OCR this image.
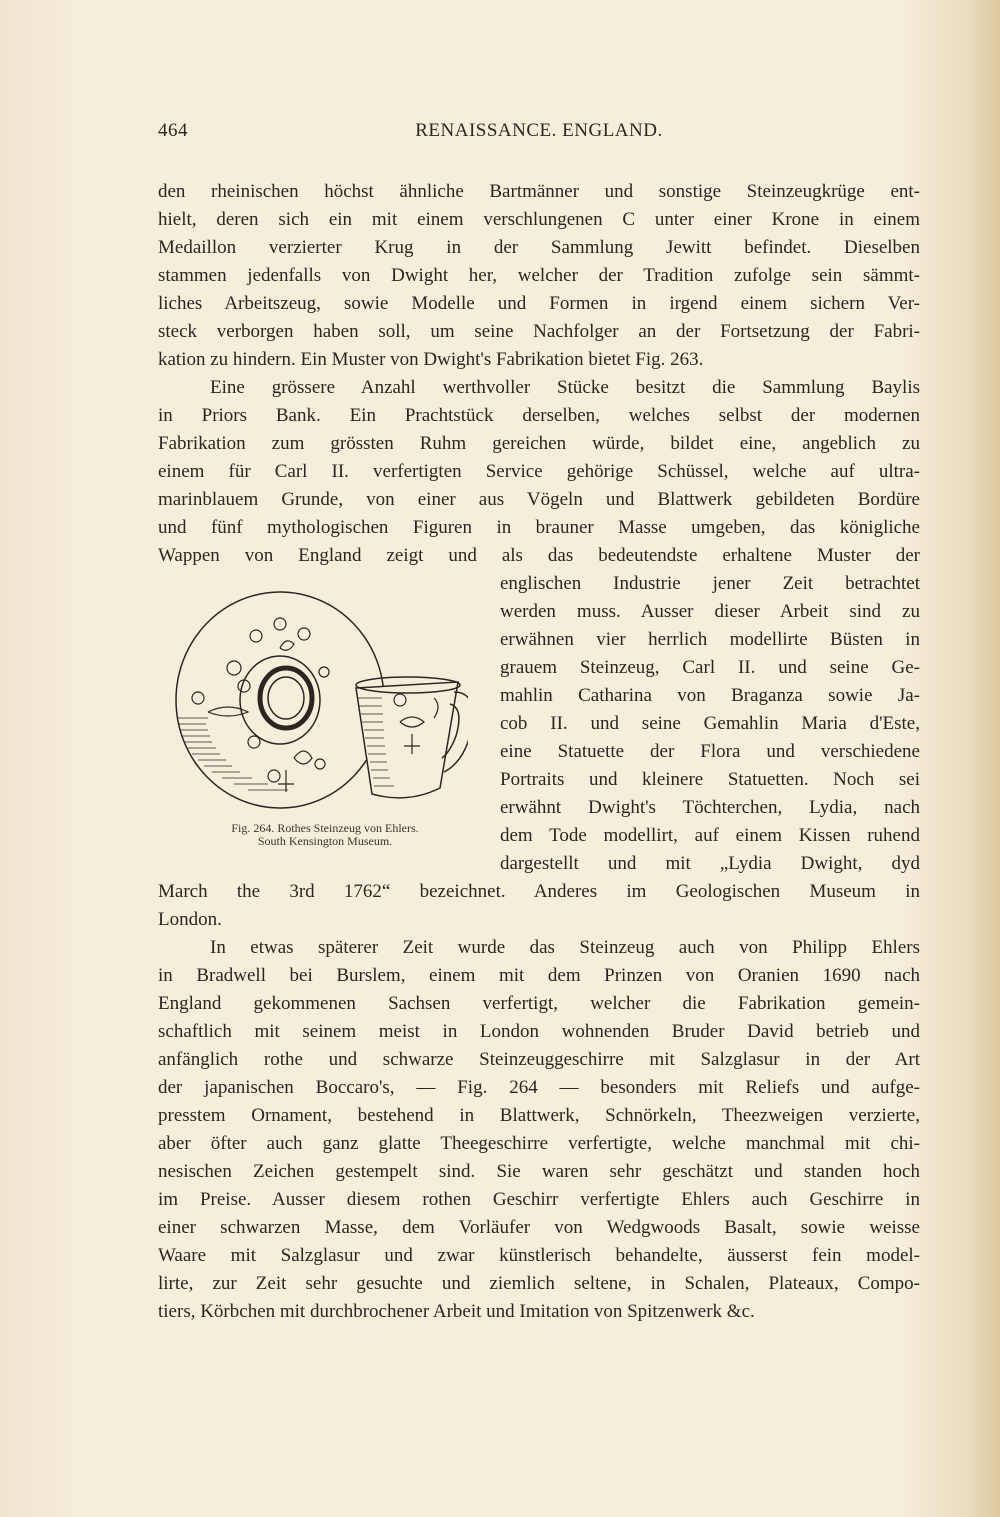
464	RENAISSANCE. ENGLAND.
den rheinischen höchst ähnliche Bartmänner und sonstige Steinzeugkrüge ent-
hielt, deren sich ein mit einem verschlungenen C unter einer Krone in einem
Medaillon verzierter Krug in der Sammlung Jewitt befindet. Dieselben
stammen jedenfalls von Dwight her, welcher der Tradition zufolge sein sämmt-
liches Arbeitszeug, sowie Modelle und Formen in irgend einem sichern Ver-
steck verborgen haben soll, um seine Nachfolger an der Fortsetzung der Fabri-
kation zu hindern. Ein Muster von Dwight's Fabrikation bietet Fig. 263.
Eine grössere Anzahl werthvoller Stücke besitzt die Sammlung Baylis
in Priors Bank. Ein Prachtstück derselben, welches selbst der modernen
Fabrikation zum grössten Ruhm gereichen würde, bildet eine, angeblich zu
einem für Carl II. verfertigten Service gehörige Schüssel, welche auf ultra-
marinblauem Grunde, von einer aus Vögeln und Blattwerk gebildeten Bordüre
und fünf mythologischen Figuren in brauner Masse umgeben, das königliche
Wappen von England zeigt und als das bedeutendste erhaltene Muster der
englischen Industrie jener Zeit betrachtet
werden muss. Ausser dieser Arbeit sind zu
erwähnen vier herrlich modellirte Büsten in
grauem Steinzeug, Carl II. und seine Ge-
mahlin Catharina von Braganza sowie Ja-
cob II. und seine Gemahlin Maria d'Este,
eine Statuette der Flora und verschiedene
Portraits und kleinere Statuetten. Noch sei
erwähnt Dwight's Töchterchen, Lydia, nach
dem Tode modellirt, auf einem Kissen ruhend
dargestellt und mit „Lydia Dwight, dyd
March the 3rd 1762“ bezeichnet. Anderes im Geologischen Museum in
London.
In etwas späterer Zeit wurde das Steinzeug auch von Philipp Ehlers
in Bradwell bei Burslem, einem mit dem Prinzen von Oranien 1690 nach
England gekommenen Sachsen verfertigt, welcher die Fabrikation gemein-
schaftlich mit seinem meist in London wohnenden Bruder David betrieb und
anfänglich rothe und schwarze Steinzeuggeschirre mit Salzglasur in der Art
der japanischen Boccaro's, — Fig. 264 — besonders mit Reliefs und aufge-
presstem Ornament, bestehend in Blattwerk, Schnörkeln, Theezweigen verzierte,
aber öfter auch ganz glatte Theegeschirre verfertigte, welche manchmal mit chi-
nesischen Zeichen gestempelt sind. Sie waren sehr geschätzt und standen hoch
im Preise. Ausser diesem rothen Geschirr verfertigte Ehlers auch Geschirre in
einer schwarzen Masse, dem Vorläufer von Wedgwoods Basalt, sowie weisse
Waare mit Salzglasur und zwar künstlerisch behandelte, äusserst fein model-
lirte, zur Zeit sehr gesuchte und ziemlich seltene, in Schalen, Plateaux, Compo-
tiers, Körbchen mit durchbrochener Arbeit und Imitation von Spitzenwerk &c.
Fig. 264. Rothes Steinzeug von Ehlers.
South Kensington Museum.
